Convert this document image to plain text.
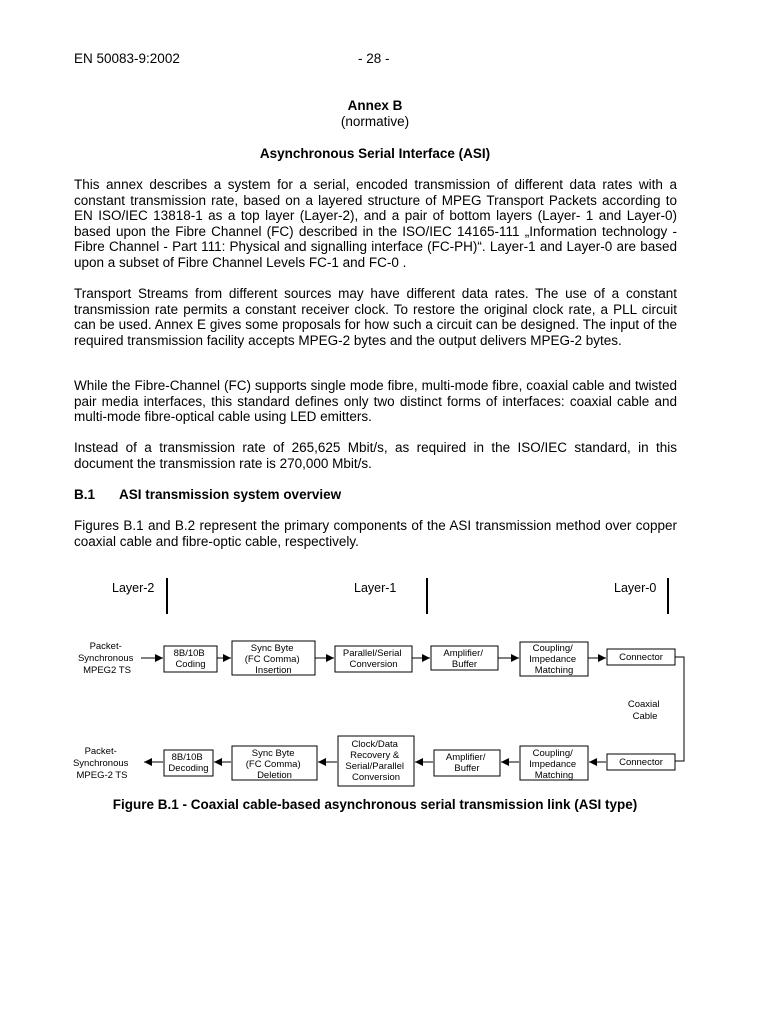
EN 50083-9:2002	- 28 -
Annex B
(normative)
Asynchronous Serial Interface (ASI)

This annex describes a system for a serial, encoded transmission of different data rates with a constant transmission rate, based on a layered structure of MPEG Transport Packets according to EN ISO/IEC 13818-1 as a top layer (Layer-2), and a pair of bottom layers (Layer- 1 and Layer-0) based upon the Fibre Channel (FC) described in the ISO/IEC 14165-111 „Information technology - Fibre Channel - Part 111: Physical and signalling interface (FC-PH)“. Layer-1 and Layer-0 are based upon a subset of Fibre Channel Levels FC-1 and FC-0 .

Transport Streams from different sources may have different data rates. The use of a constant transmission rate permits a constant receiver clock. To restore the original clock rate, a PLL circuit can be used. Annex E gives some proposals for how such a circuit can be designed. The input of the required transmission facility accepts MPEG-2 bytes and the output delivers MPEG-2 bytes.

While the Fibre-Channel (FC) supports single mode fibre, multi-mode fibre, coaxial cable and twisted pair media interfaces, this standard defines only two distinct forms of interfaces: coaxial cable and multi-mode fibre-optical cable using LED emitters.

Instead of a transmission rate of 265,625 Mbit/s, as required in the ISO/IEC standard, in this document the transmission rate is 270,000 Mbit/s.

B.1 ASI transmission system overview

Figures B.1 and B.2 represent the primary components of the ASI transmission method over copper coaxial cable and fibre-optic cable, respectively.

Layer-2	Layer-1	Layer-0
Packet- Synchronous MPEG2 TS
8B/10B Coding
Sync Byte (FC Comma) Insertion
Parallel/Serial Conversion
Amplifier/ Buffer
Coupling/ Impedance Matching
Connector
Coaxial Cable
8B/10B Decoding
Sync Byte (FC Comma) Deletion
Clock/Data Recovery & Serial/Parallel Conversion
Amplifier/ Buffer
Coupling/ Impedance Matching
Connector
Packet- Synchronous MPEG-2 TS
Figure B.1 - Coaxial cable-based asynchronous serial transmission link (ASI type)
